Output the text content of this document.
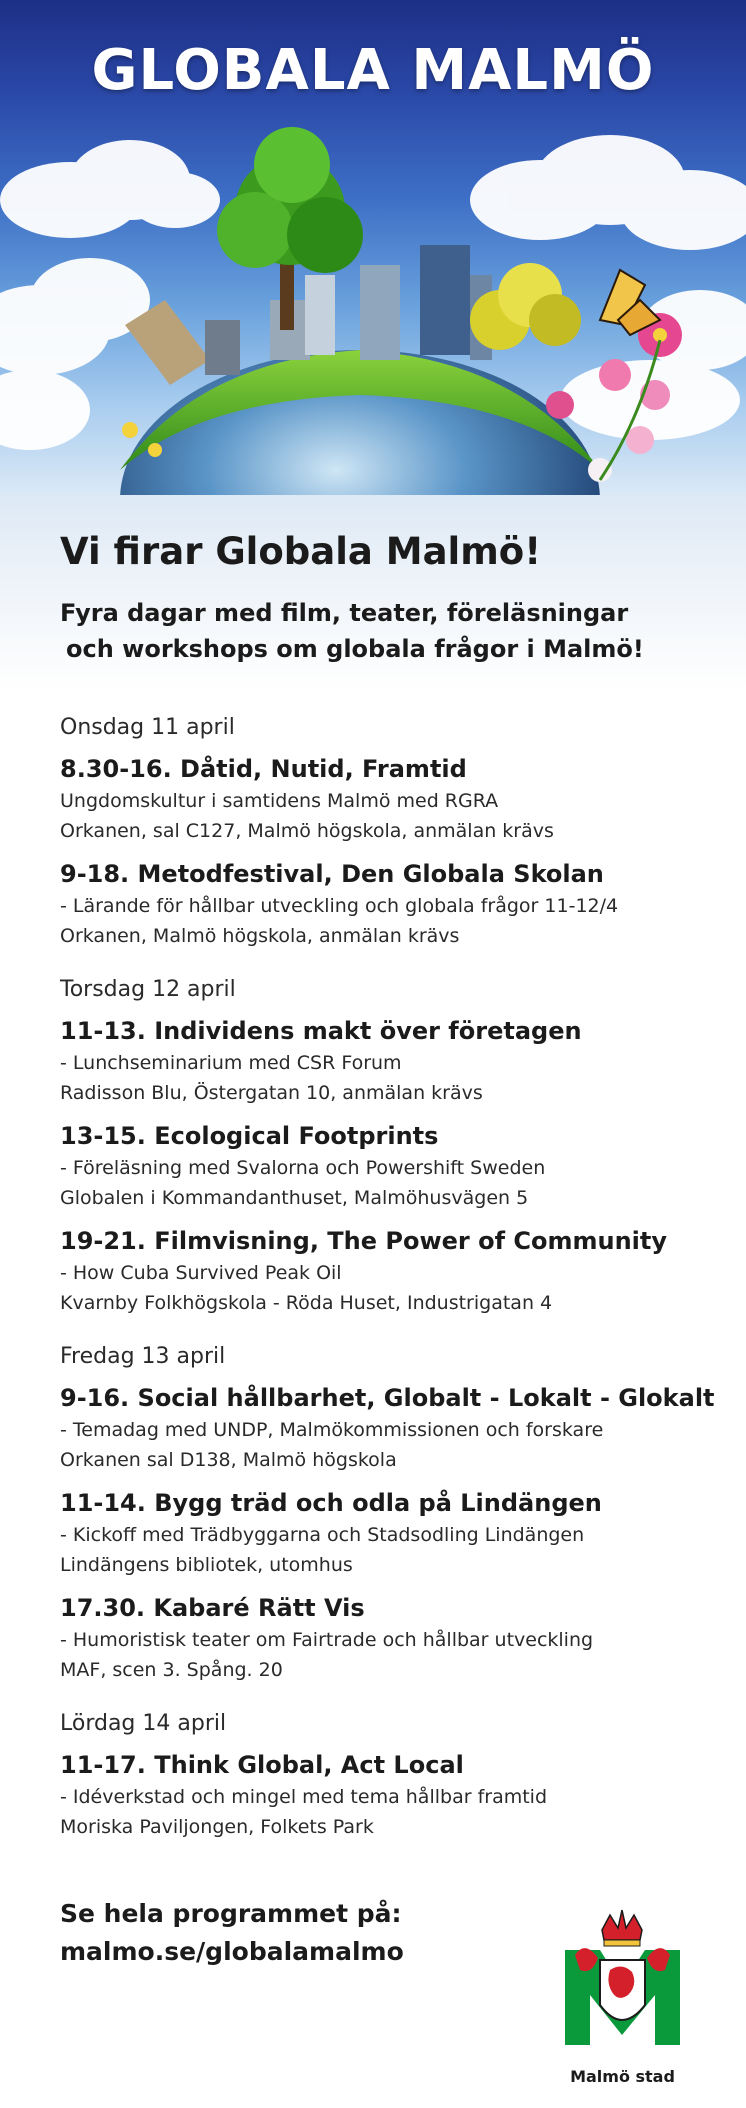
GLOBALA MALMÖ
Vi firar Globala Malmö!
Fyra dagar med film, teater, föreläsningar
och workshops om globala frågor i Malmö!
Onsdag 11 april
8.30-16. Dåtid, Nutid, Framtid
Ungdomskultur i samtidens Malmö med RGRA
Orkanen, sal C127, Malmö högskola, anmälan krävs
9-18. Metodfestival, Den Globala Skolan
- Lärande för hållbar utveckling och globala frågor 11-12/4
Orkanen, Malmö högskola, anmälan krävs
Torsdag 12 april
11-13. Individens makt över företagen
- Lunchseminarium med CSR Forum
Radisson Blu, Östergatan 10, anmälan krävs
13-15. Ecological Footprints
- Föreläsning med Svalorna och Powershift Sweden
Globalen i Kommandanthuset, Malmöhusvägen 5
19-21. Filmvisning, The Power of Community
- How Cuba Survived Peak Oil
Kvarnby Folkhögskola - Röda Huset, Industrigatan 4
Fredag 13 april
9-16. Social hållbarhet, Globalt - Lokalt - Glokalt
- Temadag med UNDP, Malmökommissionen och forskare
Orkanen sal D138, Malmö högskola
11-14. Bygg träd och odla på Lindängen
- Kickoff med Trädbyggarna och Stadsodling Lindängen
Lindängens bibliotek, utomhus
17.30. Kabaré Rätt Vis
- Humoristisk teater om Fairtrade och hållbar utveckling
MAF, scen 3. Spång. 20
Lördag 14 april
11-17. Think Global, Act Local
- Idéverkstad och mingel med tema hållbar framtid
Moriska Paviljongen, Folkets Park
Se hela programmet på:
malmo.se/globalamalmo
Malmö stad
